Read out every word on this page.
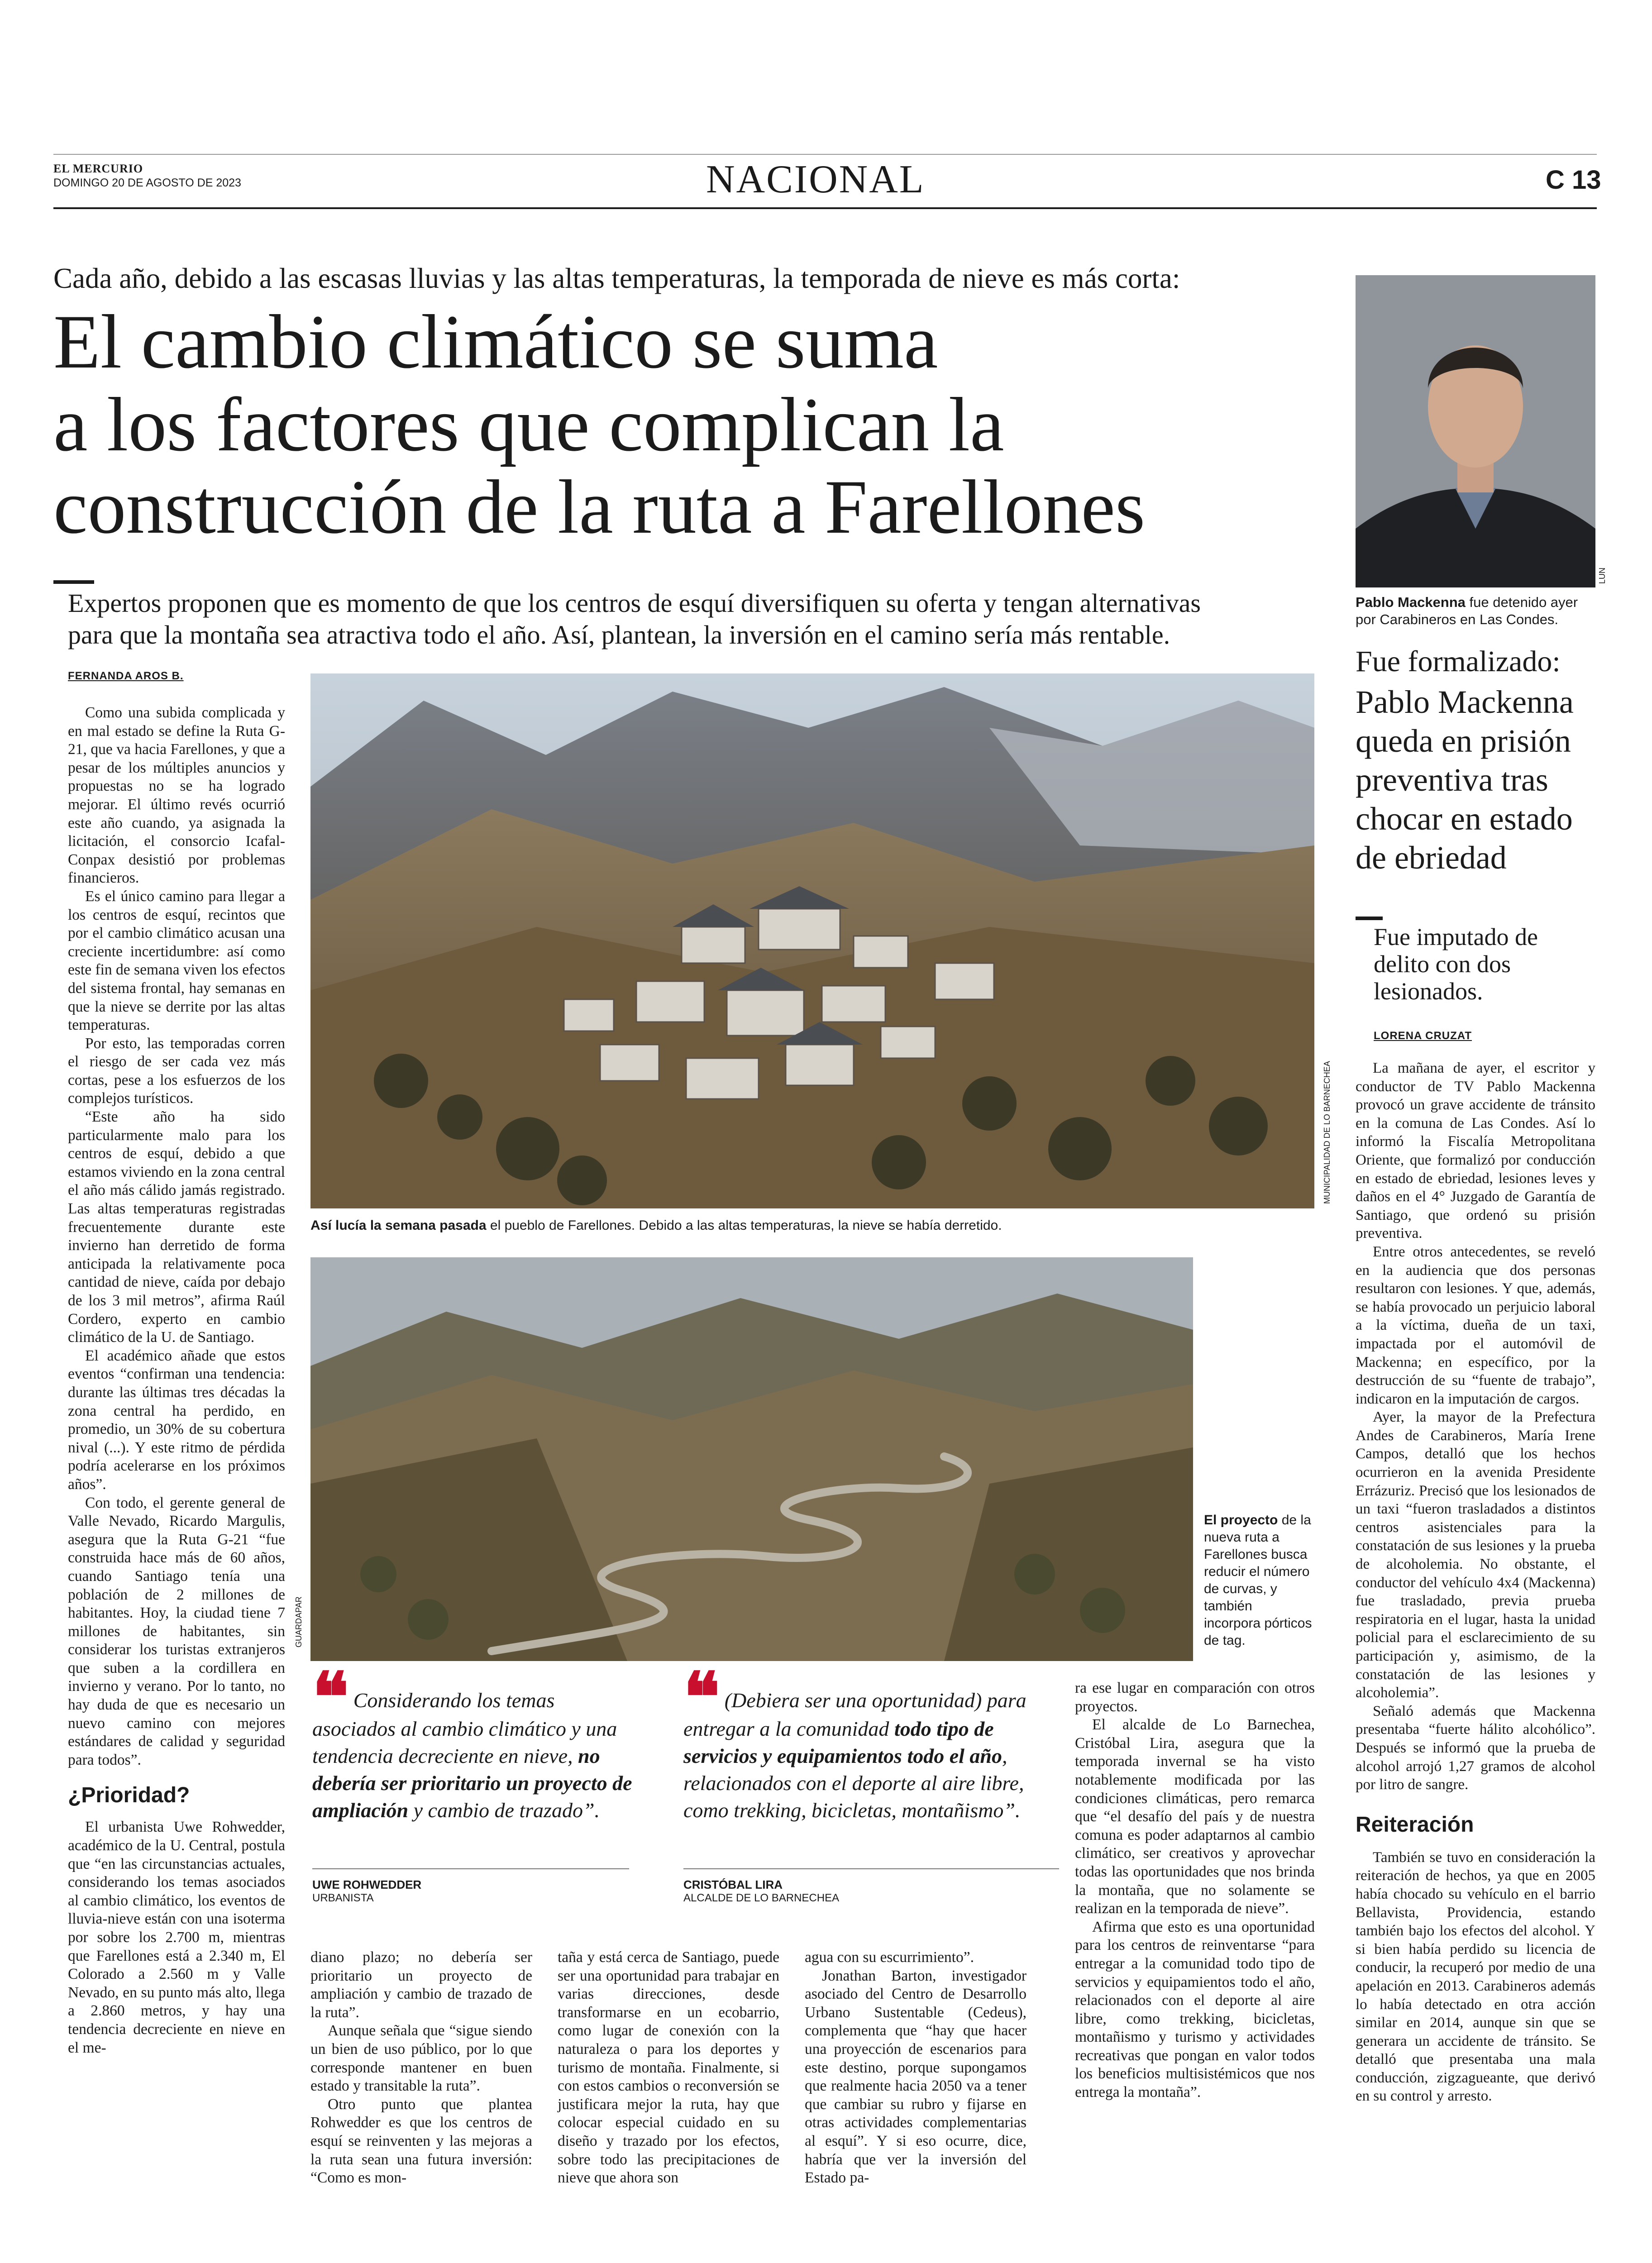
EL MERCURIO
DOMINGO 20 DE AGOSTO DE 2023	NACIONAL	C 13
Cada año, debido a las escasas lluvias y las altas temperaturas, la temporada de nieve es más corta:
El cambio climático se suma
a los factores que complican la
construcción de la ruta a Farellones
Expertos proponen que es momento de que los centros de esquí diversifiquen su oferta y tengan alternativas
para que la montaña sea atractiva todo el año. Así, plantean, la inversión en el camino sería más rentable.
FERNANDA AROS B.

Como una subida complicada y en mal estado se define la Ruta G-21, que va hacia Farellones, y que a pesar de los múltiples anuncios y propuestas no se ha logrado mejorar. El último revés ocurrió este año cuando, ya asignada la licitación, el consorcio Icafal-Conpax desistió por problemas financieros.

Es el único camino para llegar a los centros de esquí, recintos que por el cambio climático acusan una creciente incertidumbre: así como este fin de semana viven los efectos del sistema frontal, hay semanas en que la nieve se derrite por las altas temperaturas.

Por esto, las temporadas corren el riesgo de ser cada vez más cortas, pese a los esfuerzos de los complejos turísticos.

“Este año ha sido particularmente malo para los centros de esquí, debido a que estamos viviendo en la zona central el año más cálido jamás registrado. Las altas temperaturas registradas frecuentemente durante este invierno han derretido de forma anticipada la relativamente poca cantidad de nieve, caída por debajo de los 3 mil metros”, afirma Raúl Cordero, experto en cambio climático de la U. de Santiago.

El académico añade que estos eventos “confirman una tendencia: durante las últimas tres décadas la zona central ha perdido, en promedio, un 30% de su cobertura nival (...). Y este ritmo de pérdida podría acelerarse en los próximos años”.

Con todo, el gerente general de Valle Nevado, Ricardo Margulis, asegura que la Ruta G-21 “fue construida hace más de 60 años, cuando Santiago tenía una población de 2 millones de habitantes. Hoy, la ciudad tiene 7 millones de habitantes, sin considerar los turistas extranjeros que suben a la cordillera en invierno y verano. Por lo tanto, no hay duda de que es necesario un nuevo camino con mejores estándares de calidad y seguridad para todos”.

¿Prioridad?

El urbanista Uwe Rohwedder, académico de la U. Central, postula que “en las circunstancias actuales, considerando los temas asociados al cambio climático, los eventos de lluvia-nieve están con una isoterma por sobre los 2.700 m, mientras que Farellones está a 2.340 m, El Colorado a 2.560 m y Valle Nevado, en su punto más alto, llega a 2.860 metros, y hay una tendencia decreciente en nieve en el me-

Así lucía la semana pasada el pueblo de Farellones. Debido a las altas temperaturas, la nieve se había derretido.
MUNICIPALIDAD DE LO BARNECHEA
GUARDAPAR
El proyecto de la nueva ruta a Farellones busca reducir el número de curvas, y también incorpora pórticos de tag.
❝ Considerando los temas asociados al cambio climático y una tendencia decreciente en nieve, no debería ser prioritario un proyecto de ampliación y cambio de trazado”.
UWE ROHWEDDER
URBANISTA
❝ (Debiera ser una oportunidad) para entregar a la comunidad todo tipo de servicios y equipamientos todo el año, relacionados con el deporte al aire libre, como trekking, bicicletas, montañismo”.
CRISTÓBAL LIRA
ALCALDE DE LO BARNECHEA

diano plazo; no debería ser prioritario un proyecto de ampliación y cambio de trazado de la ruta”.

Aunque señala que “sigue siendo un bien de uso público, por lo que corresponde mantener en buen estado y transitable la ruta”.

Otro punto que plantea Rohwedder es que los centros de esquí se reinventen y las mejoras a la ruta sean una futura inversión: “Como es mon-

taña y está cerca de Santiago, puede ser una oportunidad para trabajar en varias direcciones, desde transformarse en un ecobarrio, como lugar de conexión con la naturaleza o para los deportes y turismo de montaña. Finalmente, si con estos cambios o reconversión se justificara mejor la ruta, hay que colocar especial cuidado en su diseño y trazado por los efectos, sobre todo las precipitaciones de nieve que ahora son

agua con su escurrimiento”.

Jonathan Barton, investigador asociado del Centro de Desarrollo Urbano Sustentable (Cedeus), complementa que “hay que hacer una proyección de escenarios para este destino, porque supongamos que realmente hacia 2050 va a tener que cambiar su rubro y fijarse en otras actividades complementarias al esquí”. Y si eso ocurre, dice, habría que ver la inversión del Estado pa-

ra ese lugar en comparación con otros proyectos.

El alcalde de Lo Barnechea, Cristóbal Lira, asegura que la temporada invernal se ha visto notablemente modificada por las condiciones climáticas, pero remarca que “el desafío del país y de nuestra comuna es poder adaptarnos al cambio climático, ser creativos y aprovechar todas las oportunidades que nos brinda la montaña, que no solamente se realizan en la temporada de nieve”.

Afirma que esto es una oportunidad para los centros de reinventarse “para entregar a la comunidad todo tipo de servicios y equipamientos todo el año, relacionados con el deporte al aire libre, como trekking, bicicletas, montañismo y turismo y actividades recreativas que pongan en valor todos los beneficios multisistémicos que nos entrega la montaña”.

LUN
Pablo Mackenna fue detenido ayer por Carabineros en Las Condes.
Fue formalizado:
Pablo Mackenna
queda en prisión
preventiva tras
chocar en estado
de ebriedad
Fue imputado de
delito con dos
lesionados.
LORENA CRUZAT

La mañana de ayer, el escritor y conductor de TV Pablo Mackenna provocó un grave accidente de tránsito en la comuna de Las Condes. Así lo informó la Fiscalía Metropolitana Oriente, que formalizó por conducción en estado de ebriedad, lesiones leves y daños en el 4° Juzgado de Garantía de Santiago, que ordenó su prisión preventiva.

Entre otros antecedentes, se reveló en la audiencia que dos personas resultaron con lesiones. Y que, además, se había provocado un perjuicio laboral a la víctima, dueña de un taxi, impactada por el automóvil de Mackenna; en específico, por la destrucción de su “fuente de trabajo”, indicaron en la imputación de cargos.

Ayer, la mayor de la Prefectura Andes de Carabineros, María Irene Campos, detalló que los hechos ocurrieron en la avenida Presidente Errázuriz. Precisó que los lesionados de un taxi “fueron trasladados a distintos centros asistenciales para la constatación de sus lesiones y la prueba de alcoholemia. No obstante, el conductor del vehículo 4x4 (Mackenna) fue trasladado, previa prueba respiratoria en el lugar, hasta la unidad policial para el esclarecimiento de su participación y, asimismo, de la constatación de las lesiones y alcoholemia”.

Señaló además que Mackenna presentaba “fuerte hálito alcohólico”. Después se informó que la prueba de alcohol arrojó 1,27 gramos de alcohol por litro de sangre.

Reiteración

También se tuvo en consideración la reiteración de hechos, ya que en 2005 había chocado su vehículo en el barrio Bellavista, Providencia, estando también bajo los efectos del alcohol. Y si bien había perdido su licencia de conducir, la recuperó por medio de una apelación en 2013. Carabineros además lo había detectado en otra acción similar en 2014, aunque sin que se generara un accidente de tránsito. Se detalló que presentaba una mala conducción, zigzagueante, que derivó en su control y arresto.
